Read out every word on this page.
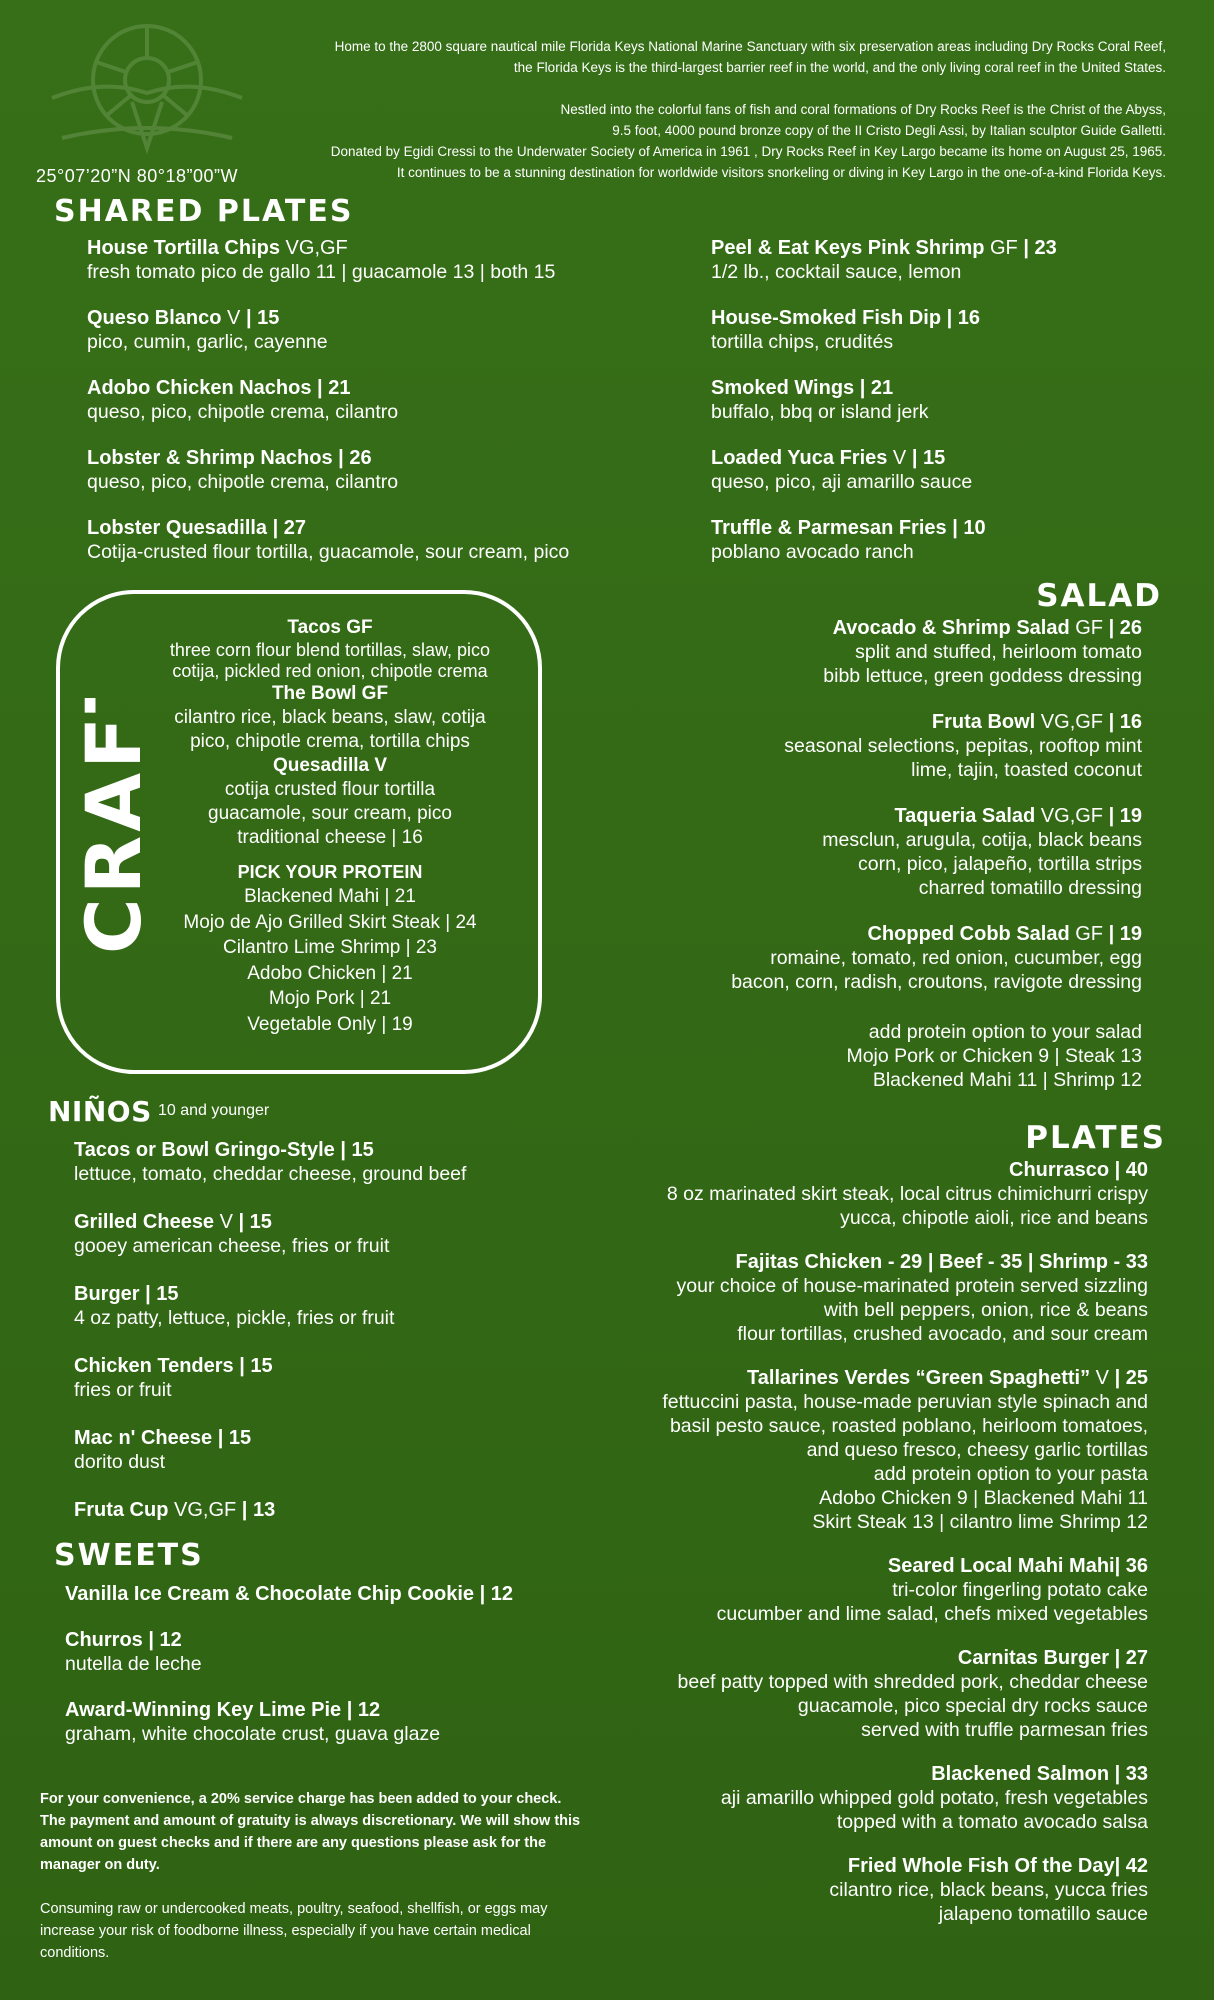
25°07’20”N 80°18”00”W

Home to the 2800 square nautical mile Florida Keys National Marine Sanctuary with six preservation areas including Dry Rocks Coral Reef,

the Florida Keys is the third-largest barrier reef in the world, and the only living coral reef in the United States.

Nestled into the colorful fans of fish and coral formations of Dry Rocks Reef is the Christ of the Abyss,

9.5 foot, 4000 pound bronze copy of the II Cristo Degli Assi, by Italian sculptor Guide Galletti.

Donated by Egidi Cressi to the Underwater Society of America in 1961 , Dry Rocks Reef in Key Largo became its home on August 25, 1965.

It continues to be a stunning destination for worldwide visitors snorkeling or diving in Key Largo in the one-of-a-kind Florida Keys.

SHARED PLATES
House Tortilla Chips VG,GF
fresh tomato pico de gallo 11 | guacamole 13 | both 15
Queso Blanco V | 15
pico, cumin, garlic, cayenne
Adobo Chicken Nachos | 21
queso, pico, chipotle crema, cilantro
Lobster & Shrimp Nachos | 26
queso, pico, chipotle crema, cilantro
Lobster Quesadilla | 27
Cotija-crusted flour tortilla, guacamole, sour cream, pico
Peel & Eat Keys Pink Shrimp GF | 23
1/2 lb., cocktail sauce, lemon
House-Smoked Fish Dip | 16
tortilla chips, crudités
Smoked Wings | 21
buffalo, bbq or island jerk
Loaded Yuca Fries V | 15
queso, pico, aji amarillo sauce
Truffle & Parmesan Fries | 10
poblano avocado ranch
CRAFT
Tacos GF
three corn flour blend tortillas, slaw, pico
cotija, pickled red onion, chipotle crema
The Bowl GF
cilantro rice, black beans, slaw, cotija
pico, chipotle crema, tortilla chips
Quesadilla V
cotija crusted flour tortilla
guacamole, sour cream, pico
traditional cheese | 16
PICK YOUR PROTEIN
Blackened Mahi | 21
Mojo de Ajo Grilled Skirt Steak | 24
Cilantro Lime Shrimp | 23
Adobo Chicken | 21
Mojo Pork | 21
Vegetable Only | 19
SALAD
Avocado & Shrimp Salad GF | 26
split and stuffed, heirloom tomato
bibb lettuce, green goddess dressing
Fruta Bowl VG,GF | 16
seasonal selections, pepitas, rooftop mint
lime, tajin, toasted coconut
Taqueria Salad VG,GF | 19
mesclun, arugula, cotija, black beans
corn, pico, jalapeño, tortilla strips
charred tomatillo dressing
Chopped Cobb Salad GF | 19
romaine, tomato, red onion, cucumber, egg
bacon, corn, radish, croutons, ravigote dressing
add protein option to your salad
Mojo Pork or Chicken 9 | Steak 13
Blackened Mahi 11 | Shrimp 12
NIÑOS 10 and younger
Tacos or Bowl Gringo-Style | 15
lettuce, tomato, cheddar cheese, ground beef
Grilled Cheese V | 15
gooey american cheese, fries or fruit
Burger | 15
4 oz patty, lettuce, pickle, fries or fruit
Chicken Tenders | 15
fries or fruit
Mac n' Cheese | 15
dorito dust
Fruta Cup VG,GF | 13
PLATES
Churrasco | 40
8 oz marinated skirt steak, local citrus chimichurri crispy
yucca, chipotle aioli, rice and beans
Fajitas Chicken - 29 | Beef - 35 | Shrimp - 33
your choice of house-marinated protein served sizzling
with bell peppers, onion, rice & beans
flour tortillas, crushed avocado, and sour cream
Tallarines Verdes “Green Spaghetti” V | 25
fettuccini pasta, house-made peruvian style spinach and
basil pesto sauce, roasted poblano, heirloom tomatoes,
and queso fresco, cheesy garlic tortillas
add protein option to your pasta
Adobo Chicken 9 | Blackened Mahi 11
Skirt Steak 13 | cilantro lime Shrimp 12
Seared Local Mahi Mahi| 36
tri-color fingerling potato cake
cucumber and lime salad, chefs mixed vegetables
Carnitas Burger | 27
beef patty topped with shredded pork, cheddar cheese
guacamole, pico special dry rocks sauce
served with truffle parmesan fries
Blackened Salmon | 33
aji amarillo whipped gold potato, fresh vegetables
topped with a tomato avocado salsa
Fried Whole Fish Of the Day| 42
cilantro rice, black beans, yucca fries
jalapeno tomatillo sauce
SWEETS
Vanilla Ice Cream & Chocolate Chip Cookie | 12
Churros | 12
nutella de leche
Award-Winning Key Lime Pie | 12
graham, white chocolate crust, guava glaze

For your convenience, a 20% service charge has been added to your check. The payment and amount of gratuity is always discretionary. We will show this amount on guest checks and if there are any questions please ask for the manager on duty.

Consuming raw or undercooked meats, poultry, seafood, shellfish, or eggs may increase your risk of foodborne illness, especially if you have certain medical conditions.
